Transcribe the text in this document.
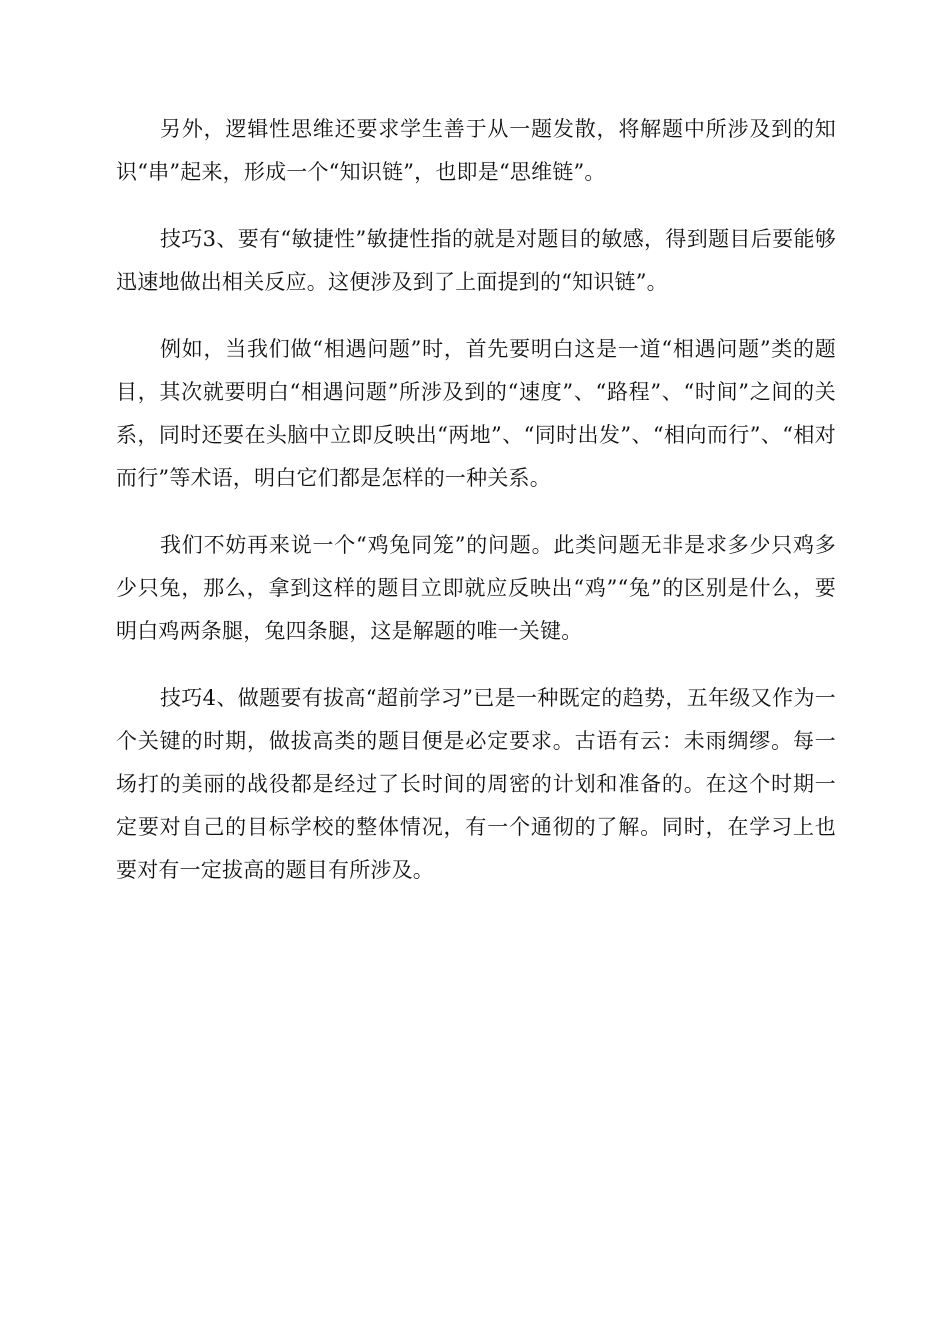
另外，逻辑性思维还要求学生善于从一题发散，将解题中所涉及到的知识“串”起来，形成一个“知识链”，也即是“思维链”。

技巧3、要有“敏捷性”敏捷性指的就是对题目的敏感，得到题目后要能够迅速地做出相关反应。这便涉及到了上面提到的“知识链”。

例如，当我们做“相遇问题”时，首先要明白这是一道“相遇问题”类的题目，其次就要明白“相遇问题”所涉及到的“速度”、“路程”、“时间”之间的关系，同时还要在头脑中立即反映出“两地”、“同时出发”、“相向而行”、“相对而行”等术语，明白它们都是怎样的一种关系。

我们不妨再来说一个“鸡兔同笼”的问题。此类问题无非是求多少只鸡多少只兔，那么，拿到这样的题目立即就应反映出“鸡”“兔”的区别是什么，要明白鸡两条腿，兔四条腿，这是解题的唯一关键。

技巧4、做题要有拔高“超前学习”已是一种既定的趋势，五年级又作为一个关键的时期，做拔高类的题目便是必定要求。古语有云：未雨绸缪。每一场打的美丽的战役都是经过了长时间的周密的计划和准备的。在这个时期一定要对自己的目标学校的整体情况，有一个通彻的了解。同时，在学习上也要对有一定拔高的题目有所涉及。
